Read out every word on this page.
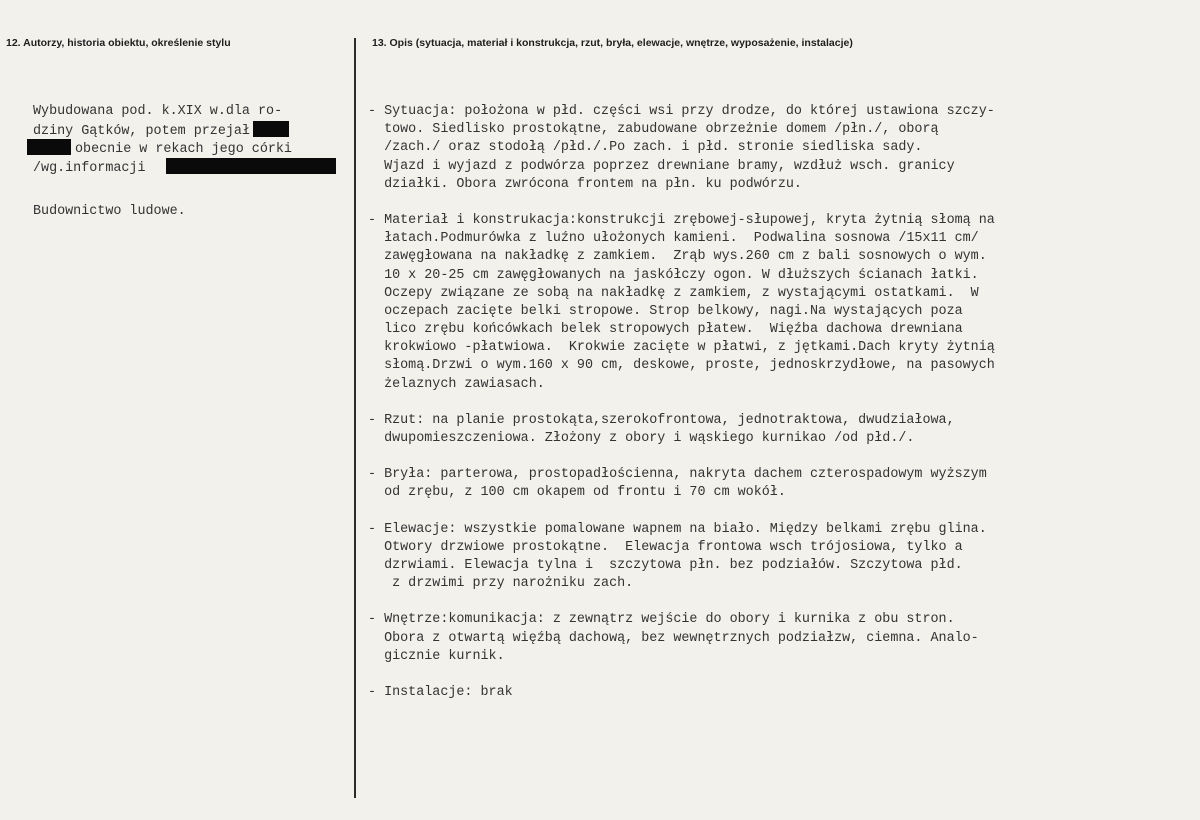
12. Autorzy, historia obiektu, określenie stylu	13. Opis (sytuacja, materiał i konstrukcja, rzut, bryła, elewacje, wnętrze, wyposażenie, instalacje)
Wybudowana pod. k.XIX w.dla ro-
dziny Gątków, potem przejał
obecnie w rekach jego córki
/wg.informacji
Budownictwo ludowe.
- Sytuacja: położona w płd. części wsi przy drodze, do której ustawiona szczy-
towo. Siedlisko prostokątne, zabudowane obrzeżnie domem /płn./, oborą
/zach./ oraz stodołą /płd./.Po zach. i płd. stronie siedliska sady.
Wjazd i wyjazd z podwórza poprzez drewniane bramy, wzdłuż wsch. granicy
działki. Obora zwrócona frontem na płn. ku podwórzu.
- Materiał i konstrukacja:konstrukcji zrębowej-słupowej, kryta żytnią słomą na
łatach.Podmurówka z luźno ułożonych kamieni.  Podwalina sosnowa /15x11 cm/
zawęgłowana na nakładkę z zamkiem.  Zrąb wys.260 cm z bali sosnowych o wym.
10 x 20-25 cm zawęgłowanych na jaskółczy ogon. W dłuższych ścianach łatki.
Oczepy związane ze sobą na nakładkę z zamkiem, z wystającymi ostatkami.  W
oczepach zacięte belki stropowe. Strop belkowy, nagi.Na wystających poza
lico zrębu końcówkach belek stropowych płatew.  Więźba dachowa drewniana
krokwiowo -płatwiowa.  Krokwie zacięte w płatwi, z jętkami.Dach kryty żytnią
słomą.Drzwi o wym.160 x 90 cm, deskowe, proste, jednoskrzydłowe, na pasowych
żelaznych zawiasach.
- Rzut: na planie prostokąta,szerokofrontowa, jednotraktowa, dwudziałowa,
dwupomieszczeniowa. Złożony z obory i wąskiego kurnikao /od płd./.
- Bryła: parterowa, prostopadłościenna, nakryta dachem czterospadowym wyższym
od zrębu, z 100 cm okapem od frontu i 70 cm wokół.
- Elewacje: wszystkie pomalowane wapnem na biało. Między belkami zrębu glina.
Otwory drzwiowe prostokątne.  Elewacja frontowa wsch trójosiowa, tylko a
dzrwiami. Elewacja tylna i  szczytowa płn. bez podziałów. Szczytowa płd.
z drzwimi przy narożniku zach.
- Wnętrze:komunikacja: z zewnątrz wejście do obory i kurnika z obu stron.
Obora z otwartą więźbą dachową, bez wewnętrznych podziałzw, ciemna. Analo-
gicznie kurnik.
- Instalacje: brak
